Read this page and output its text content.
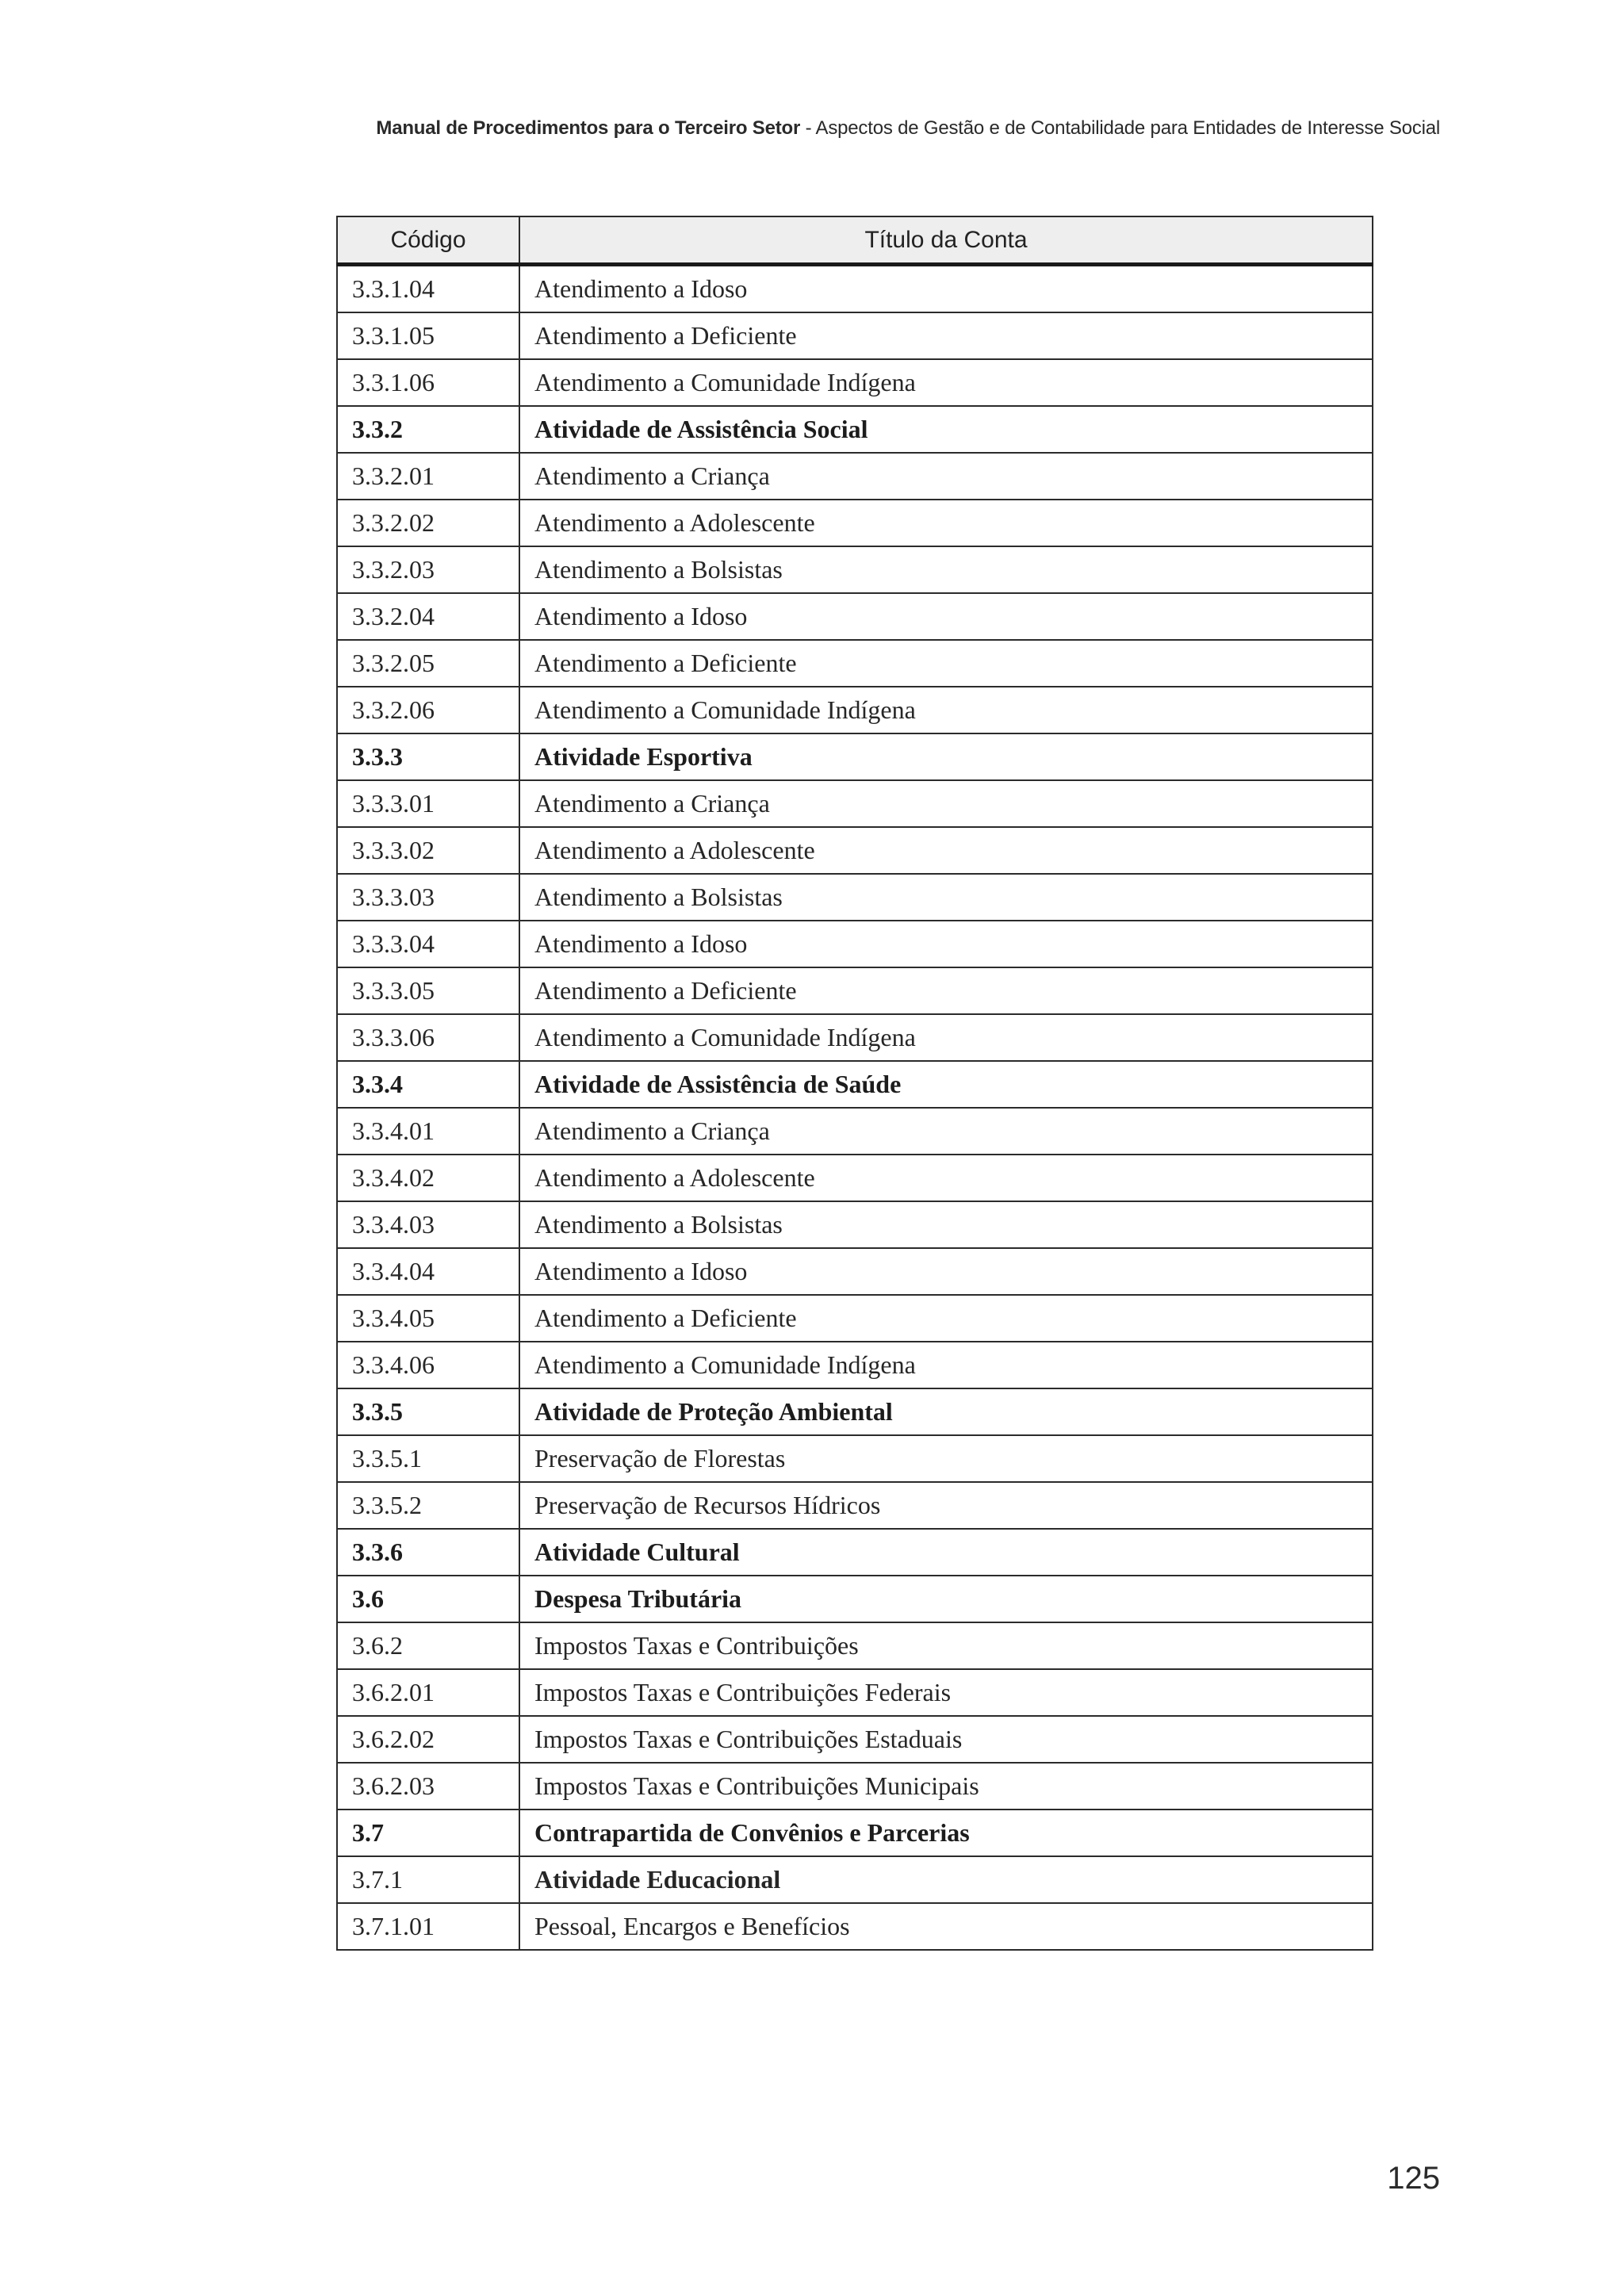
Manual de Procedimentos para o Terceiro Setor - Aspectos de Gestão e de Contabilidade para Entidades de Interesse Social
Código	Título da Conta
3.3.1.04	Atendimento a Idoso
3.3.1.05	Atendimento a Deficiente
3.3.1.06	Atendimento a Comunidade Indígena
3.3.2	Atividade de Assistência Social
3.3.2.01	Atendimento a Criança
3.3.2.02	Atendimento a Adolescente
3.3.2.03	Atendimento a Bolsistas
3.3.2.04	Atendimento a Idoso
3.3.2.05	Atendimento a Deficiente
3.3.2.06	Atendimento a Comunidade Indígena
3.3.3	Atividade Esportiva
3.3.3.01	Atendimento a Criança
3.3.3.02	Atendimento a Adolescente
3.3.3.03	Atendimento a Bolsistas
3.3.3.04	Atendimento a Idoso
3.3.3.05	Atendimento a Deficiente
3.3.3.06	Atendimento a Comunidade Indígena
3.3.4	Atividade de Assistência de Saúde
3.3.4.01	Atendimento a Criança
3.3.4.02	Atendimento a Adolescente
3.3.4.03	Atendimento a Bolsistas
3.3.4.04	Atendimento a Idoso
3.3.4.05	Atendimento a Deficiente
3.3.4.06	Atendimento a Comunidade Indígena
3.3.5	Atividade de Proteção Ambiental
3.3.5.1	Preservação de Florestas
3.3.5.2	Preservação de Recursos Hídricos
3.3.6	Atividade Cultural
3.6	Despesa Tributária
3.6.2	Impostos Taxas e Contribuições
3.6.2.01	Impostos Taxas e Contribuições Federais
3.6.2.02	Impostos Taxas e Contribuições Estaduais
3.6.2.03	Impostos Taxas e Contribuições Municipais
3.7	Contrapartida de Convênios e Parcerias
3.7.1	Atividade Educacional
3.7.1.01	Pessoal, Encargos e Benefícios
125
